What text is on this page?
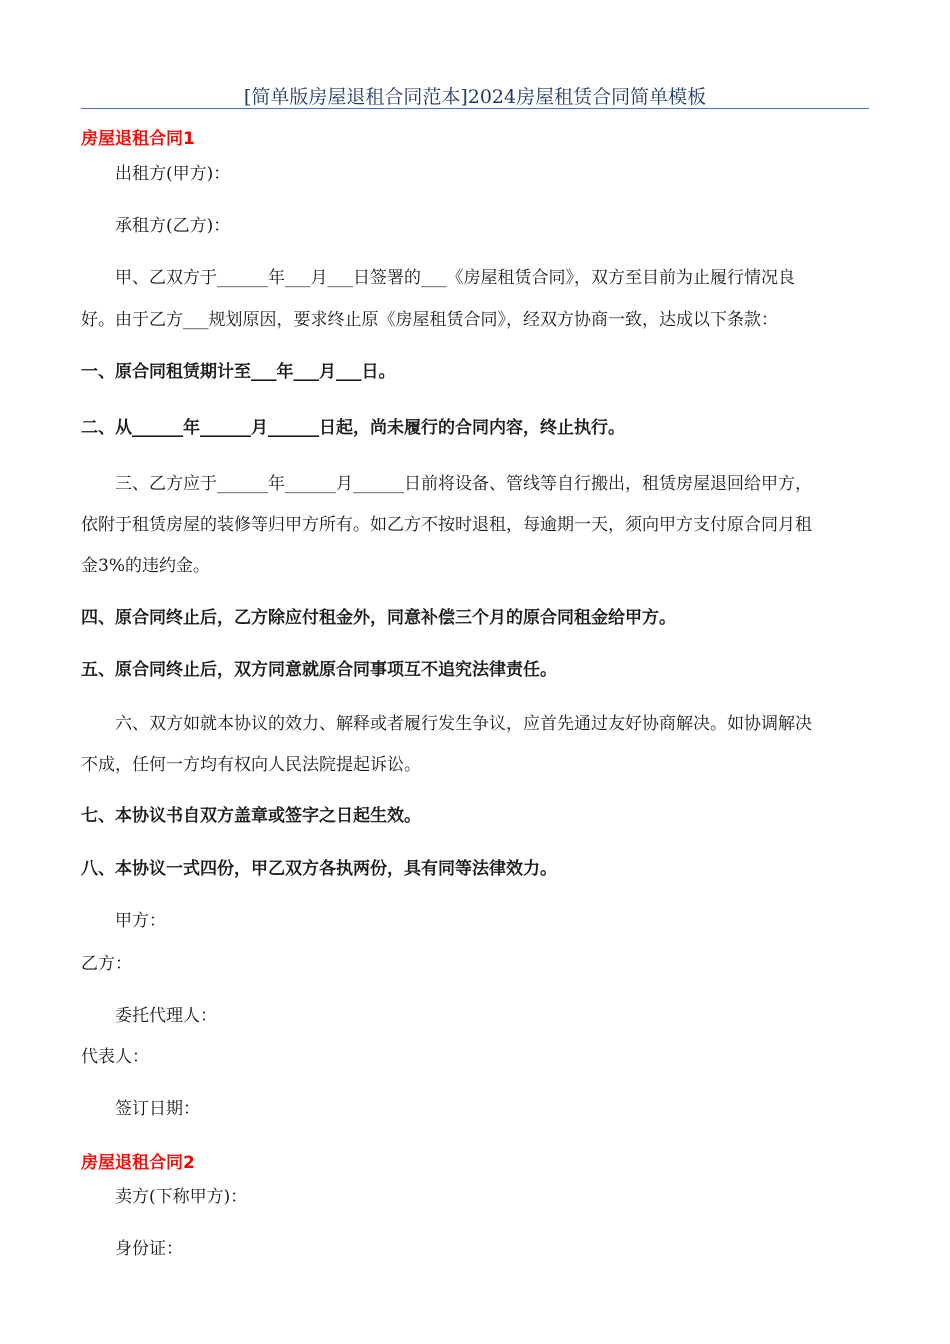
[简单版房屋退租合同范本]2024房屋租赁合同简单模板
房屋退租合同1
出租方(甲方)：
承租方(乙方)：
甲、乙双方于______年___月___日签署的___《房屋租赁合同》，双方至目前为止履行情况良
好。由于乙方___规划原因，要求终止原《房屋租赁合同》，经双方协商一致，达成以下条款：
一、原合同租赁期计至___年___月___日。
二、从______年______月______日起，尚未履行的合同内容，终止执行。
三、乙方应于______年______月______日前将设备、管线等自行搬出，租赁房屋退回给甲方，
依附于租赁房屋的装修等归甲方所有。如乙方不按时退租，每逾期一天，须向甲方支付原合同月租
金3%的违约金。
四、原合同终止后，乙方除应付租金外，同意补偿三个月的原合同租金给甲方。
五、原合同终止后，双方同意就原合同事项互不追究法律责任。
六、双方如就本协议的效力、解释或者履行发生争议，应首先通过友好协商解决。如协调解决
不成，任何一方均有权向人民法院提起诉讼。
七、本协议书自双方盖章或签字之日起生效。
八、本协议一式四份，甲乙双方各执两份，具有同等法律效力。
甲方：
乙方：
委托代理人：
代表人：
签订日期：
房屋退租合同2
卖方(下称甲方)：
身份证：
